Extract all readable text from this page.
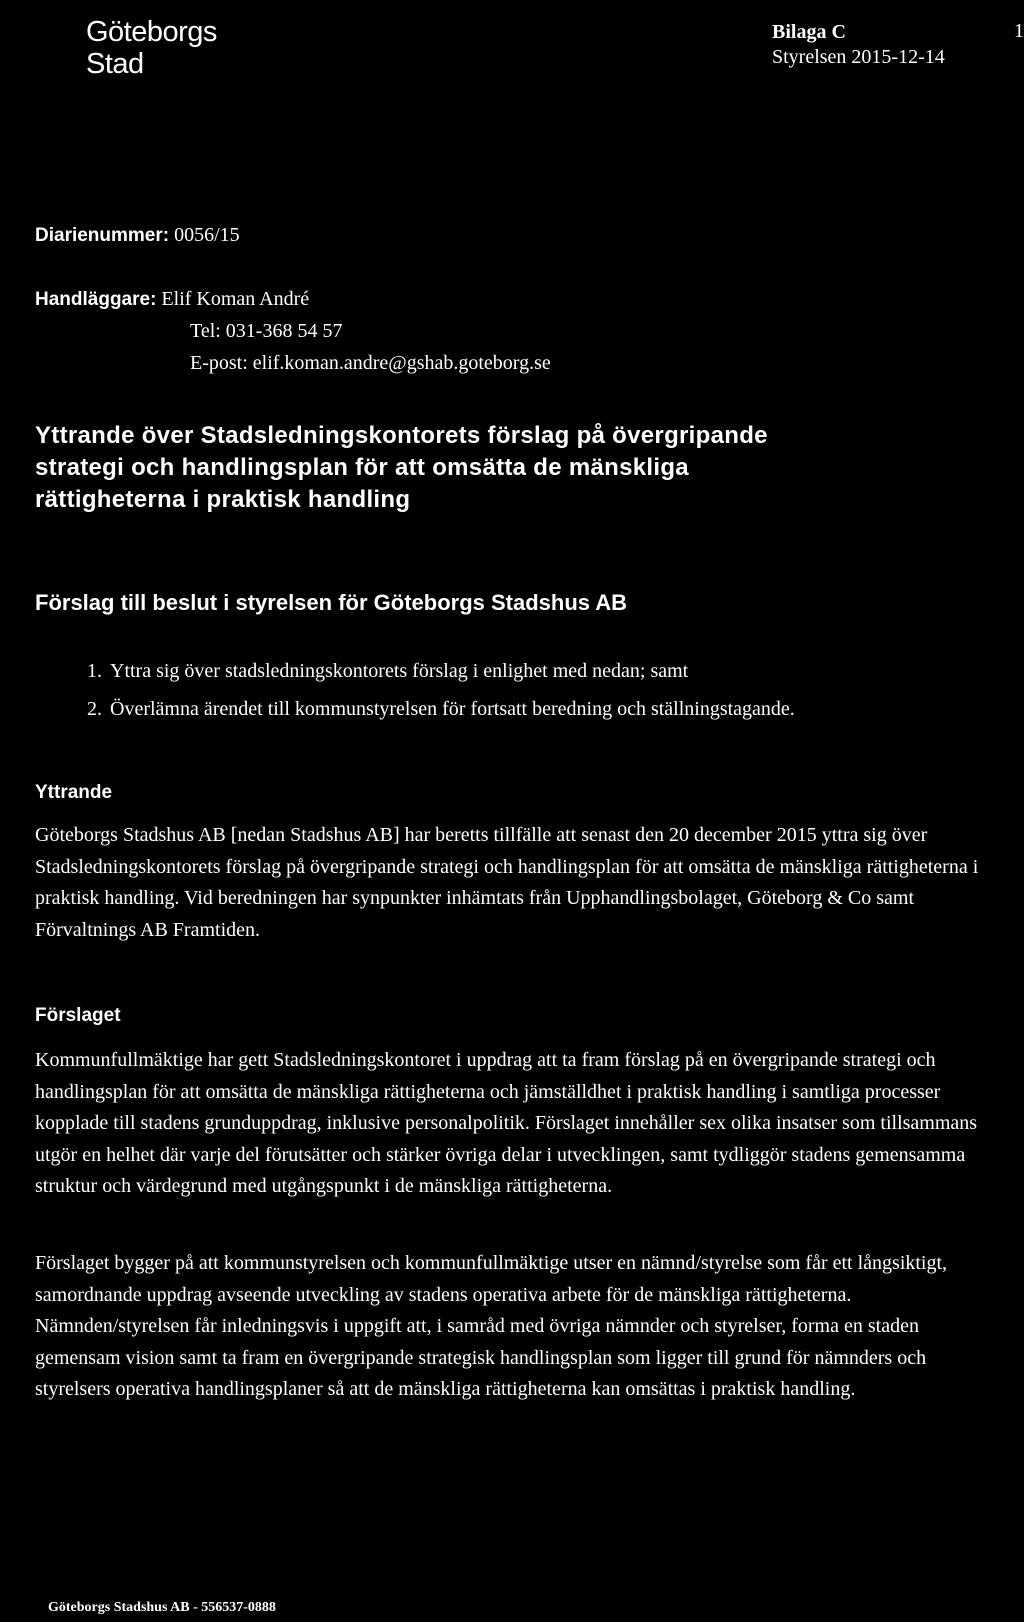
Göteborgs
Stad
Bilaga C
Styrelsen 2015-12-14
1
Diarienummer: 0056/15
Handläggare: Elif Koman André
Tel: 031-368 54 57
E-post: elif.koman.andre@gshab.goteborg.se
Yttrande över Stadsledningskontorets förslag på övergripande
strategi och handlingsplan för att omsätta de mänskliga
rättigheterna i praktisk handling
Förslag till beslut i styrelsen för Göteborgs Stadshus AB
1. Yttra sig över stadsledningskontorets förslag i enlighet med nedan; samt
2. Överlämna ärendet till kommunstyrelsen för fortsatt beredning och ställningstagande.
Yttrande

Göteborgs Stadshus AB [nedan Stadshus AB] har beretts tillfälle att senast den 20 december 2015 yttra sig över Stadsledningskontorets förslag på övergripande strategi och handlingsplan för att omsätta de mänskliga rättigheterna i praktisk handling. Vid beredningen har synpunkter inhämtats från Upphandlingsbolaget, Göteborg & Co samt Förvaltnings AB Framtiden.

Förslaget

Kommunfullmäktige har gett Stadsledningskontoret i uppdrag att ta fram förslag på en övergripande strategi och handlingsplan för att omsätta de mänskliga rättigheterna och jämställdhet i praktisk handling i samtliga processer kopplade till stadens grunduppdrag, inklusive personalpolitik. Förslaget innehåller sex olika insatser som tillsammans utgör en helhet där varje del förutsätter och stärker övriga delar i utvecklingen, samt tydliggör stadens gemensamma struktur och värdegrund med utgångspunkt i de mänskliga rättigheterna.

Förslaget bygger på att kommunstyrelsen och kommunfullmäktige utser en nämnd/styrelse som får ett långsiktigt, samordnande uppdrag avseende utveckling av stadens operativa arbete för de mänskliga rättigheterna. Nämnden/styrelsen får inledningsvis i uppgift att, i samråd med övriga nämnder och styrelser, forma en staden gemensam vision samt ta fram en övergripande strategisk handlingsplan som ligger till grund för nämnders och styrelsers operativa handlingsplaner så att de mänskliga rättigheterna kan omsättas i praktisk handling.

Göteborgs Stadshus AB - 556537-0888
